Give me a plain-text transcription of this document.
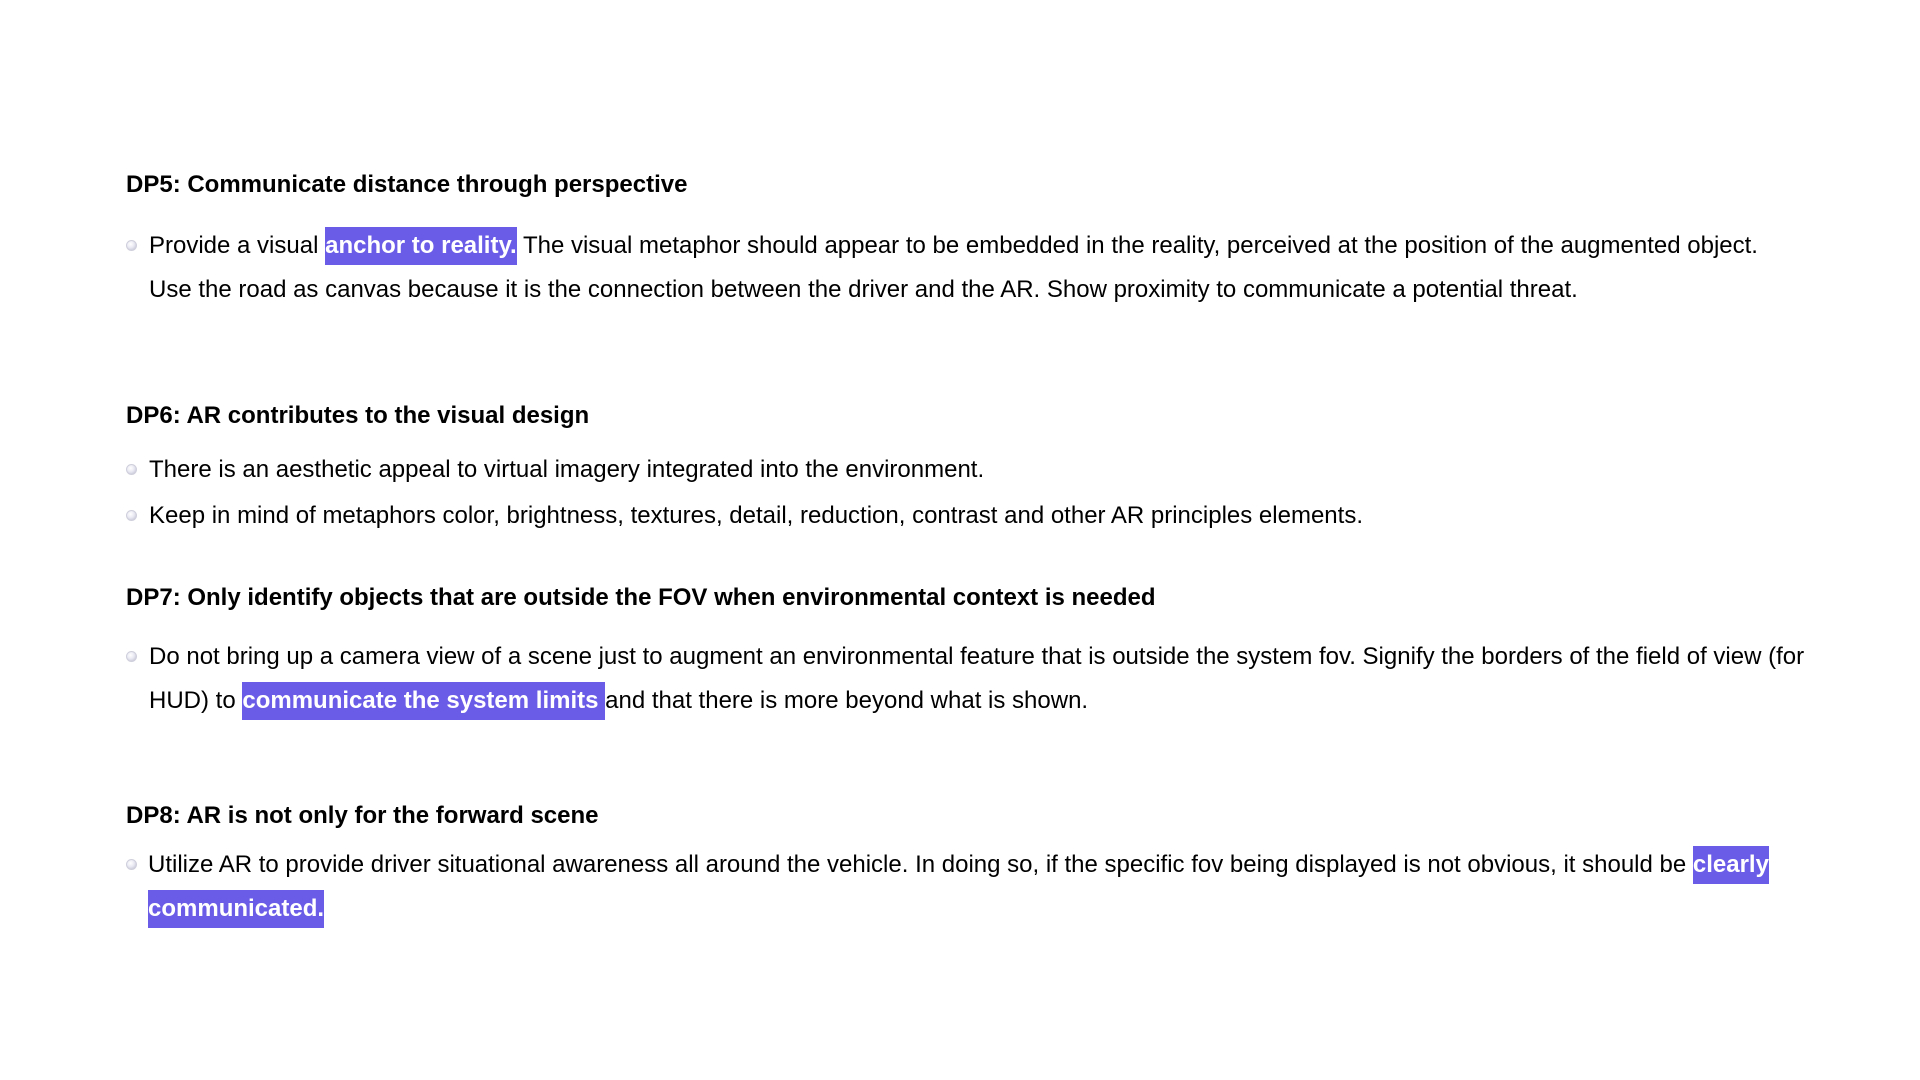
DP5: Communicate distance through perspective
Provide a visual anchor to reality. The visual metaphor should appear to be embedded in the reality, perceived at the position of the augmented object. Use the road as canvas because it is the connection between the driver and the AR. Show proximity to communicate a potential threat.
DP6: AR contributes to the visual design
There is an aesthetic appeal to virtual imagery integrated into the environment.
Keep in mind of metaphors color, brightness, textures, detail, reduction, contrast and other AR principles elements.
DP7: Only identify objects that are outside the FOV when environmental context is needed
Do not bring up a camera view of a scene just to augment an environmental feature that is outside the system fov. Signify the borders of the field of view (for HUD) to communicate the system limits and that there is more beyond what is shown.
DP8: AR is not only for the forward scene
Utilize AR to provide driver situational awareness all around the vehicle. In doing so, if the specific fov being displayed is not obvious, it should be clearly communicated.
